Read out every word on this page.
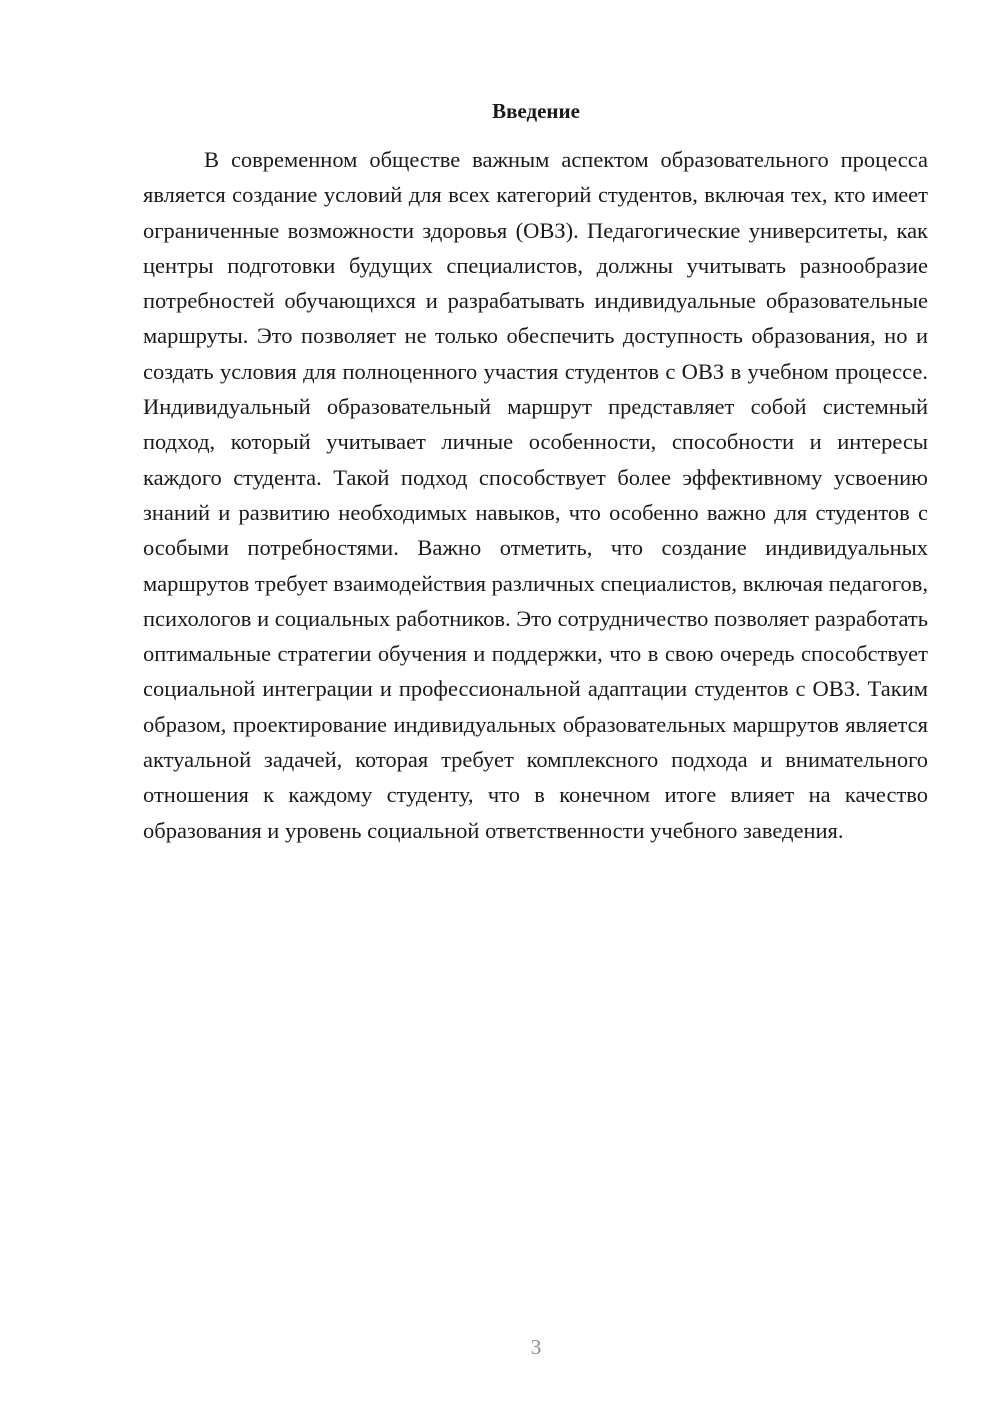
Введение

В современном обществе важным аспектом образовательного процесса является создание условий для всех категорий студентов, включая тех, кто имеет ограниченные возможности здоровья (ОВЗ). Педагогические университеты, как центры подготовки будущих специалистов, должны учитывать разнообразие потребностей обучающихся и разрабатывать индивидуальные образовательные маршруты. Это позволяет не только обеспечить доступность образования, но и создать условия для полноценного участия студентов с ОВЗ в учебном процессе. Индивидуальный образовательный маршрут представляет собой системный подход, который учитывает личные особенности, способности и интересы каждого студента. Такой подход способствует более эффективному усвоению знаний и развитию необходимых навыков, что особенно важно для студентов с особыми потребностями. Важно отметить, что создание индивидуальных маршрутов требует взаимодействия различных специалистов, включая педагогов, психологов и социальных работников. Это сотрудничество позволяет разработать оптимальные стратегии обучения и поддержки, что в свою очередь способствует социальной интеграции и профессиональной адаптации студентов с ОВЗ. Таким образом, проектирование индивидуальных образовательных маршрутов является актуальной задачей, которая требует комплексного подхода и внимательного отношения к каждому студенту, что в конечном итоге влияет на качество образования и уровень социальной ответственности учебного заведения.

3
